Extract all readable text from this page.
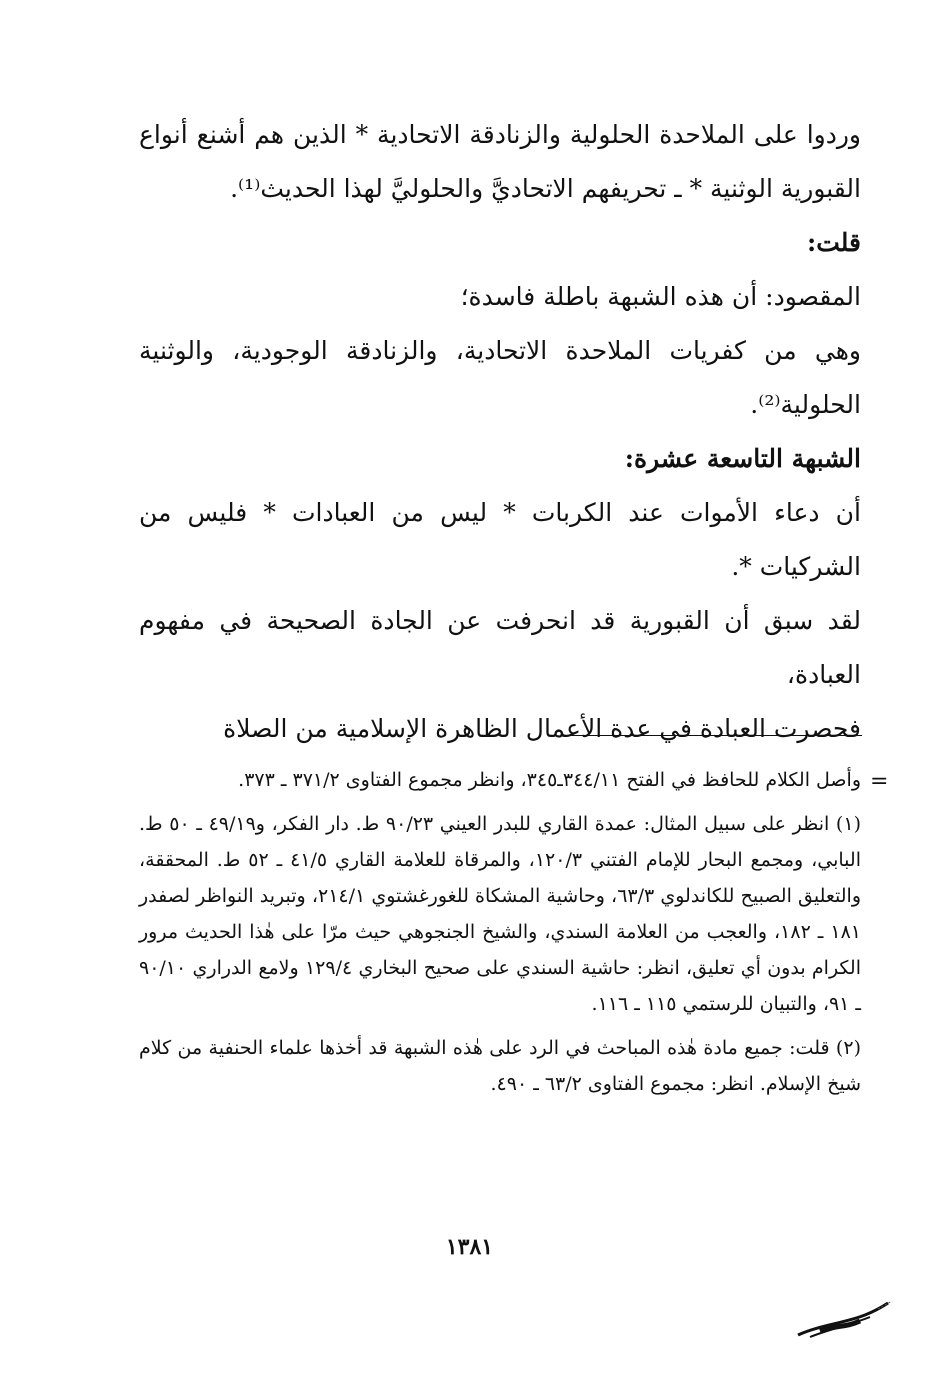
وردوا على الملاحدة الحلولية والزنادقة الاتحادية * الذين هم أشنع أنواع القبورية الوثنية * ـ تحريفهم الاتحاديَّ والحلوليَّ لهذا الحديث⁽¹⁾.

قلت:

المقصود: أن هذه الشبهة باطلة فاسدة؛

وهي من كفريات الملاحدة الاتحادية، والزنادقة الوجودية، والوثنية الحلولية⁽²⁾.

الشبهة التاسعة عشرة:

أن دعاء الأموات عند الكربات * ليس من العبادات * فليس من الشركيات *.

لقد سبق أن القبورية قد انحرفت عن الجادة الصحيحة في مفهوم العبادة،

فحصرت العبادة في عدة الأعمال الظاهرة الإسلامية من الصلاة

=

وأصل الكلام للحافظ في الفتح ٣٤٤/١١ـ٣٤٥، وانظر مجموع الفتاوى ٣٧١/٢ ـ ٣٧٣.

(١) انظر على سبيل المثال: عمدة القاري للبدر العيني ٩٠/٢٣ ط. دار الفكر، و٤٩/١٩ ـ ٥٠ ط. البابي، ومجمع البحار للإمام الفتني ١٢٠/٣، والمرقاة للعلامة القاري ٤١/٥ ـ ٥٢ ط. المحققة، والتعليق الصبيح للكاندلوي ٦٣/٣، وحاشية المشكاة للغورغشتوي ٢١٤/١، وتبريد النواظر لصفدر ١٨١ ـ ١٨٢، والعجب من العلامة السندي، والشيخ الجنجوهي حيث مرّا على هٰذا الحديث مرور الكرام بدون أي تعليق، انظر: حاشية السندي على صحيح البخاري ١٢٩/٤ ولامع الدراري ٩٠/١٠ ـ ٩١، والتبيان للرستمي ١١٥ ـ ١١٦.

(٢) قلت: جميع مادة هٰذه المباحث في الرد على هٰذه الشبهة قد أخذها علماء الحنفية من كلام شيخ الإسلام. انظر: مجموع الفتاوى ٦٣/٢ ـ ٤٩٠.

١٣٨١
